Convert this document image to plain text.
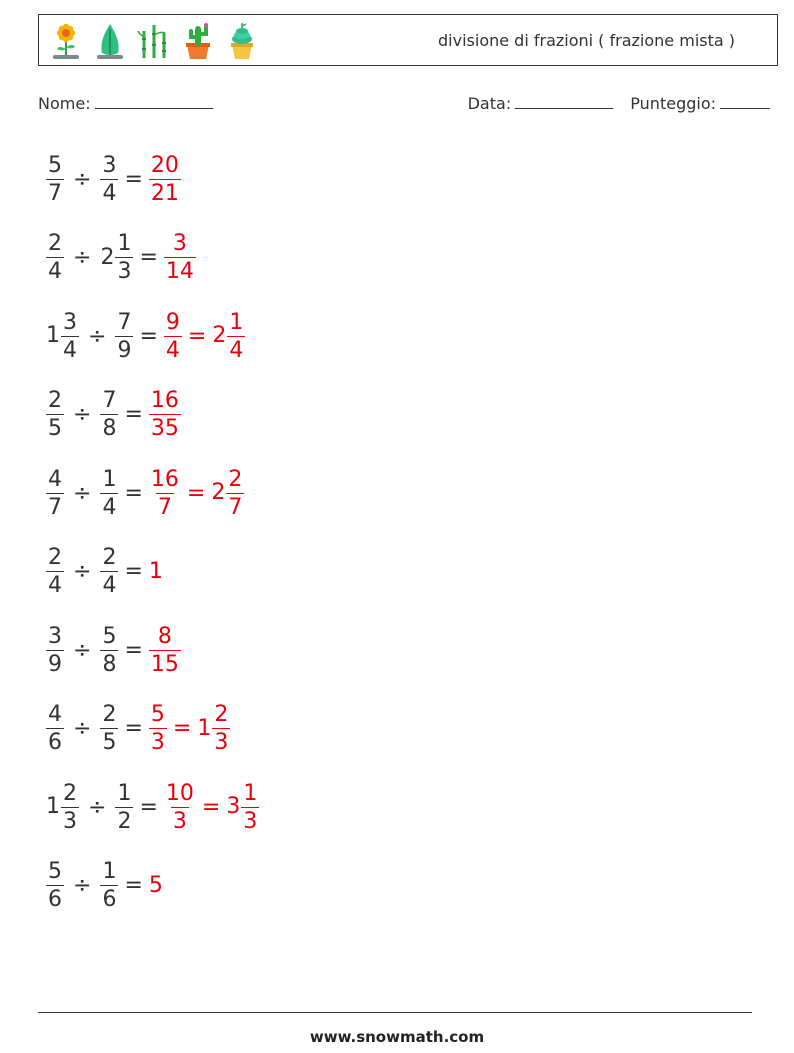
divisione di frazioni ( frazione mista )
Nome:	Data:	Punteggio:
$\frac{5}{7} \div \frac{3}{4} = \frac{20}{21}$
$\frac{2}{4} \div 2 \frac{1}{3} = \frac{3}{14}$
$1 \frac{3}{4} \div \frac{7}{9} = \frac{9}{4} = 2 \frac{1}{4}$
$\frac{2}{5} \div \frac{7}{8} = \frac{16}{35}$
$\frac{4}{7} \div \frac{1}{4} = \frac{16}{7} = 2 \frac{2}{7}$
$\frac{2}{4} \div \frac{2}{4} = 1$
$\frac{3}{9} \div \frac{5}{8} = \frac{8}{15}$
$\frac{4}{6} \div \frac{2}{5} = \frac{5}{3} = 1 \frac{2}{3}$
$1 \frac{2}{3} \div \frac{1}{2} = \frac{10}{3} = 3 \frac{1}{3}$
$\frac{5}{6} \div \frac{1}{6} = 5$
www.snowmath.com
